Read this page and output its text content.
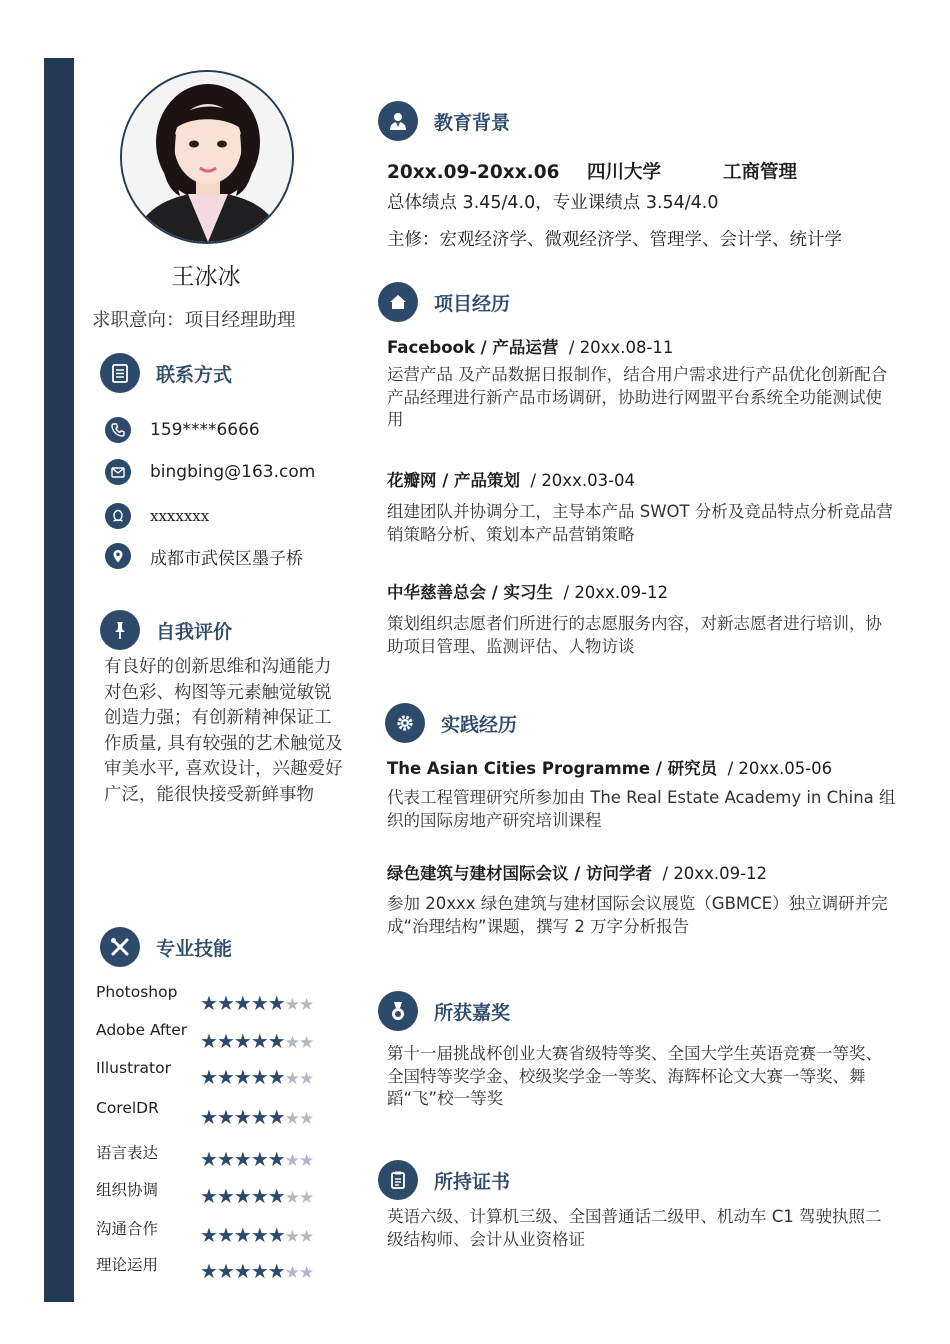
王冰冰
求职意向：项目经理助理
联系方式
159****6666
bingbing@163.com
xxxxxxx
成都市武侯区墨子桥
自我评价
有良好的创新思维和沟通能力对色彩、构图等元素触觉敏锐创造力强；有创新精神保证工作质量, 具有较强的艺术触觉及审美水平, 喜欢设计，兴趣爱好广泛，能很快接受新鲜事物
专业技能
Photoshop ★★★★★★★
Adobe After ★★★★★★★
Illustrator ★★★★★★★
CorelDR ★★★★★★★
语言表达 ★★★★★★★
组织协调 ★★★★★★★
沟通合作 ★★★★★★★
理论运用 ★★★★★★★
教育背景
20xx.09-20xx.06 四川大学	工商管理
总体绩点 3.45/4.0，专业课绩点 3.54/4.0
主修：宏观经济学、微观经济学、管理学、会计学、统计学
项目经历
Facebook / 产品运营  / 20xx.08-11
运营产品 及产品数据日报制作，结合用户需求进行产品优化创新配合产品经理进行新产品市场调研，协助进行网盟平台系统全功能测试使用
花瓣网 / 产品策划  / 20xx.03-04
组建团队并协调分工，主导本产品 SWOT 分析及竞品特点分析竞品营销策略分析、策划本产品营销策略
中华慈善总会 / 实习生  / 20xx.09-12
策划组织志愿者们所进行的志愿服务内容，对新志愿者进行培训，协助项目管理、监测评估、人物访谈
实践经历
The Asian Cities Programme / 研究员  / 20xx.05-06
代表工程管理研究所参加由 The Real Estate Academy in China 组织的国际房地产研究培训课程
绿色建筑与建材国际会议 / 访问学者  / 20xx.09-12
参加 20xxx 绿色建筑与建材国际会议展览（GBMCE）独立调研并完成“治理结构”课题，撰写 2 万字分析报告
所获嘉奖
第十一届挑战杯创业大赛省级特等奖、全国大学生英语竞赛一等奖、全国特等奖学金、校级奖学金一等奖、海辉杯论文大赛一等奖、舞蹈“飞”校一等奖
所持证书
英语六级、计算机三级、全国普通话二级甲、机动车 C1 驾驶执照二级结构师、会计从业资格证
